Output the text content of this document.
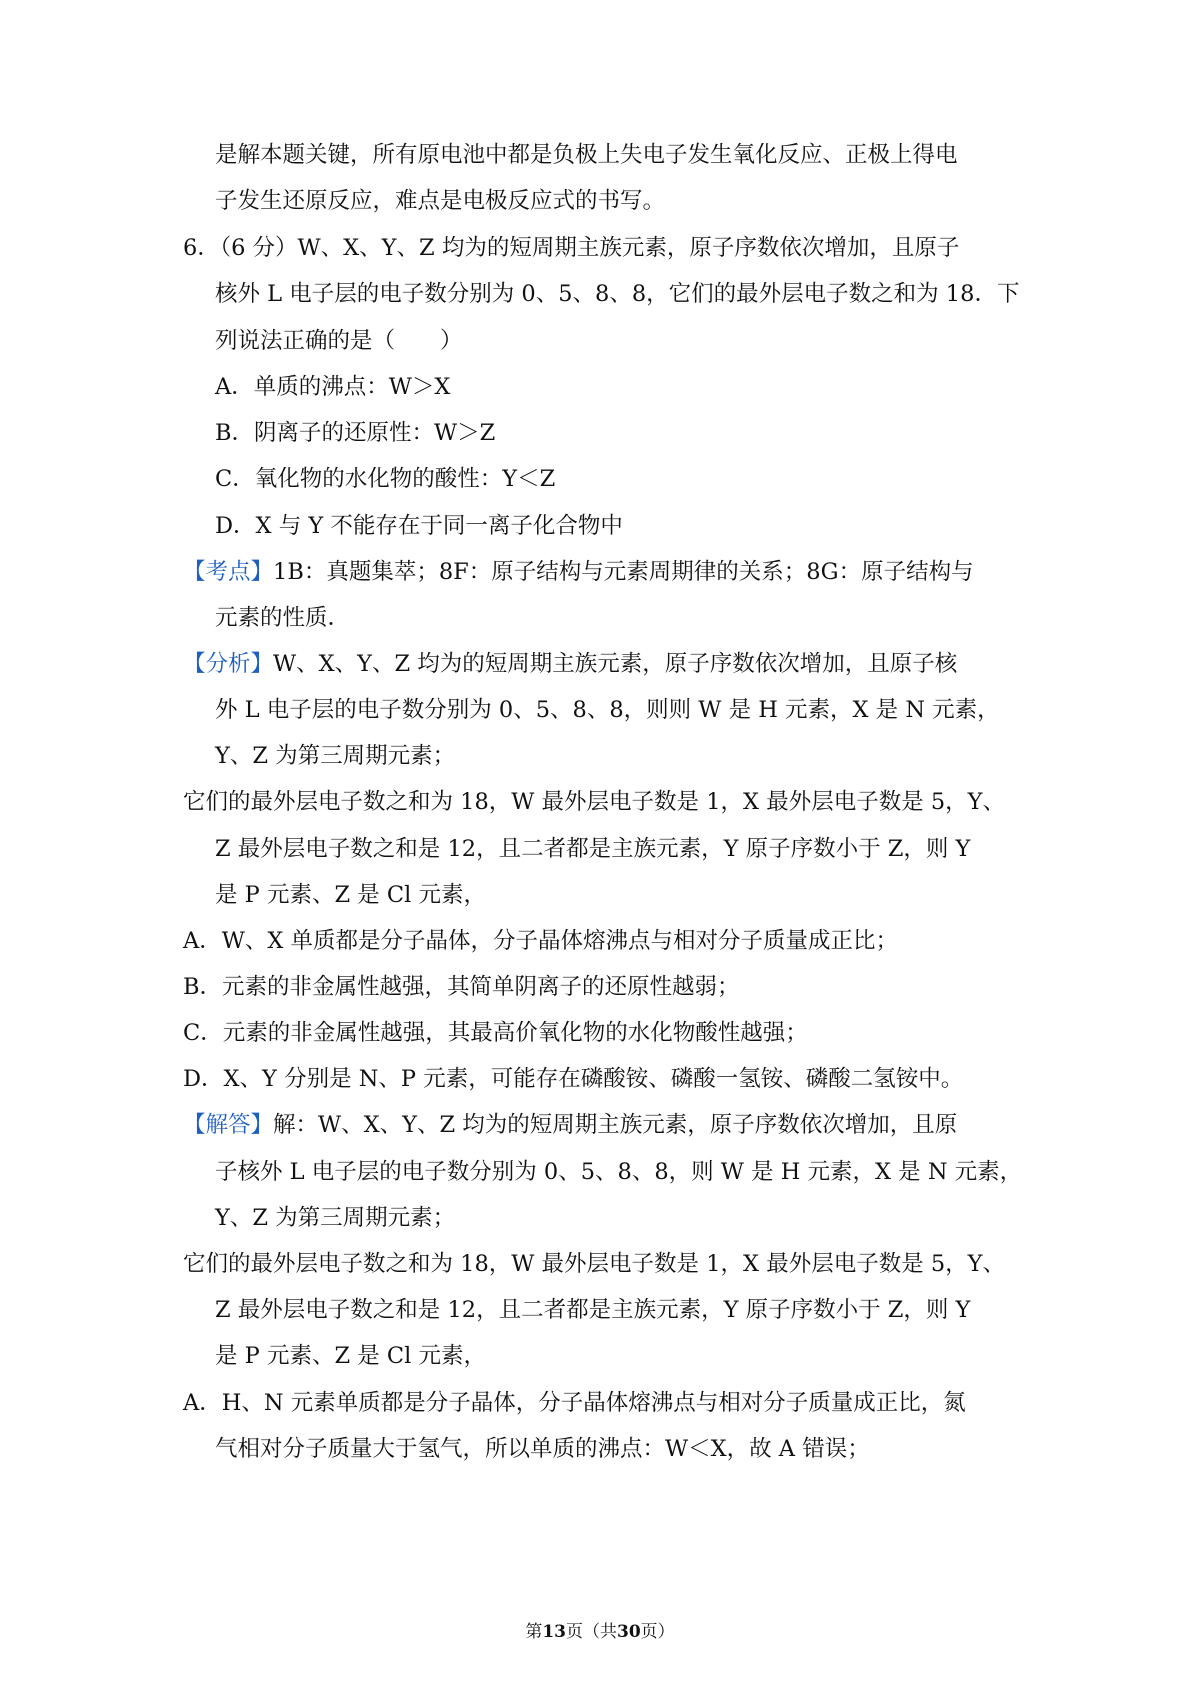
是解本题关键，所有原电池中都是负极上失电子发生氧化反应、正极上得电
子发生还原反应，难点是电极反应式的书写。
6．（6 分）W、X、Y、Z 均为的短周期主族元素，原子序数依次增加，且原子
核外 L 电子层的电子数分别为 0、5、8、8，它们的最外层电子数之和为 18．下
列说法正确的是（　　）
A．单质的沸点：W＞X
B．阴离子的还原性：W＞Z
C．氧化物的水化物的酸性：Y＜Z
D．X 与 Y 不能存在于同一离子化合物中
【考点】1B：真题集萃；8F：原子结构与元素周期律的关系；8G：原子结构与
元素的性质．
【分析】W、X、Y、Z 均为的短周期主族元素，原子序数依次增加，且原子核
外 L 电子层的电子数分别为 0、5、8、8，则则 W 是 H 元素，X 是 N 元素，
Y、Z 为第三周期元素；
它们的最外层电子数之和为 18，W 最外层电子数是 1，X 最外层电子数是 5，Y、
Z 最外层电子数之和是 12，且二者都是主族元素，Y 原子序数小于 Z，则 Y
是 P 元素、Z 是 Cl 元素，
A．W、X 单质都是分子晶体，分子晶体熔沸点与相对分子质量成正比；
B．元素的非金属性越强，其简单阴离子的还原性越弱；
C．元素的非金属性越强，其最高价氧化物的水化物酸性越强；
D．X、Y 分别是 N、P 元素，可能存在磷酸铵、磷酸一氢铵、磷酸二氢铵中。
【解答】解：W、X、Y、Z 均为的短周期主族元素，原子序数依次增加，且原
子核外 L 电子层的电子数分别为 0、5、8、8，则 W 是 H 元素，X 是 N 元素，
Y、Z 为第三周期元素；
它们的最外层电子数之和为 18，W 最外层电子数是 1，X 最外层电子数是 5，Y、
Z 最外层电子数之和是 12，且二者都是主族元素，Y 原子序数小于 Z，则 Y
是 P 元素、Z 是 Cl 元素，
A．H、N 元素单质都是分子晶体，分子晶体熔沸点与相对分子质量成正比，氮
气相对分子质量大于氢气，所以单质的沸点：W＜X，故 A 错误；
第13页（共30页）
